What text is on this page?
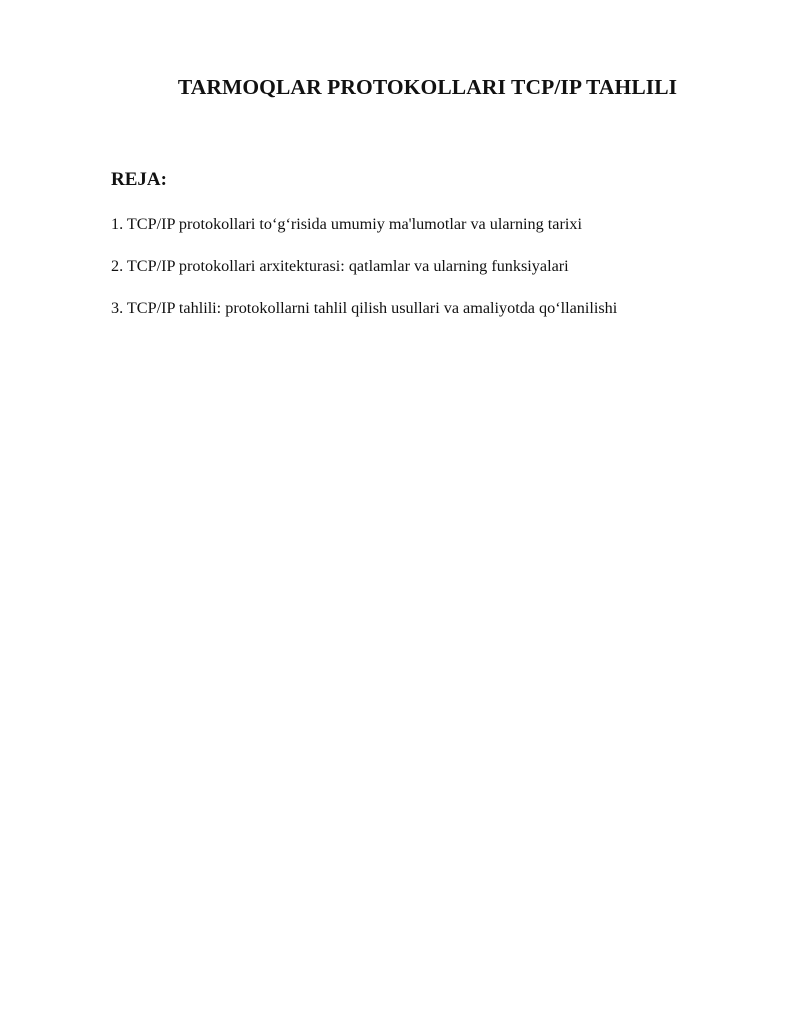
TARMOQLAR PROTOKOLLARI TCP/IP TAHLILI
REJA:
1. TCP/IP protokollari to‘g‘risida umumiy ma'lumotlar va ularning tarixi
2. TCP/IP protokollari arxitekturasi: qatlamlar va ularning funksiyalari
3. TCP/IP tahlili: protokollarni tahlil qilish usullari va amaliyotda qo‘llanilishi
